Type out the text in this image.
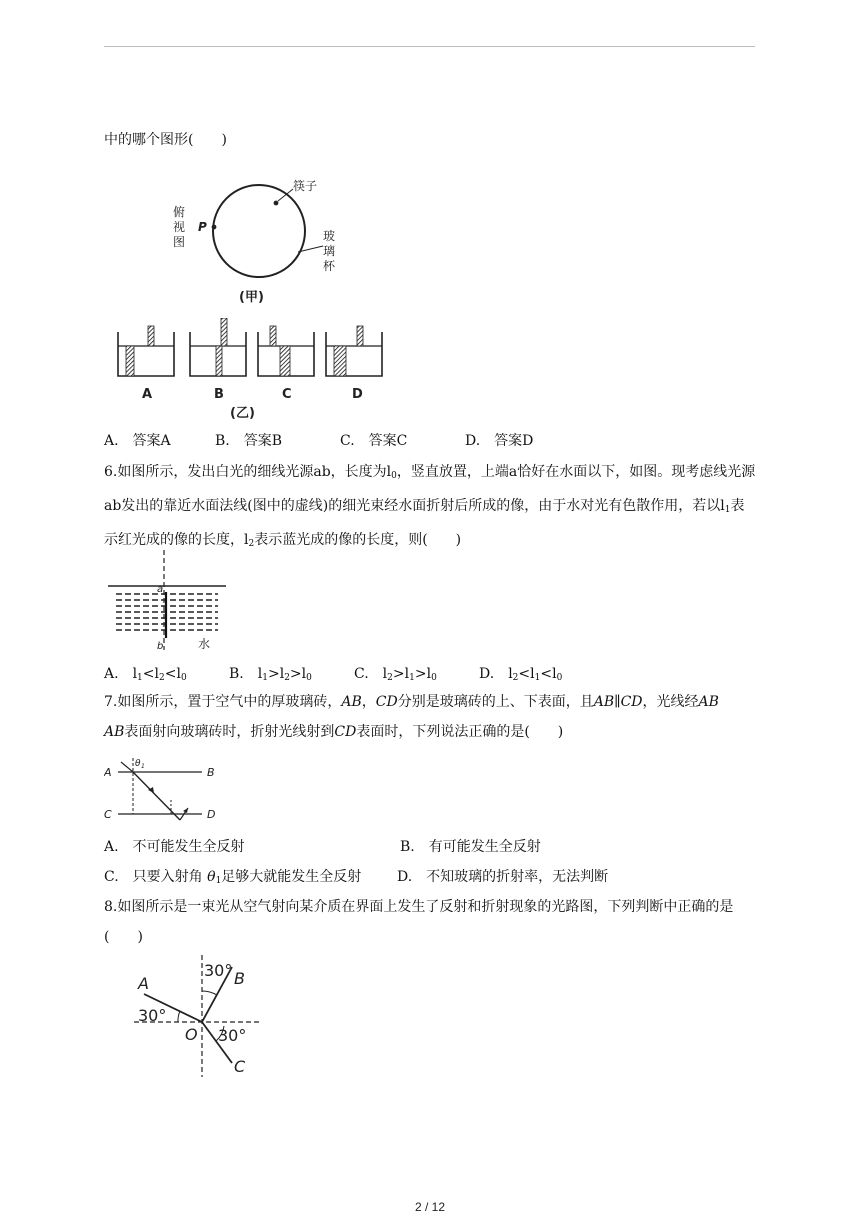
中的哪个图形(　　)
俯
视
图
P
筷子
玻
璃
杯
(甲)
A	B	C	D
(乙)
A.　答案A	B.　答案B	C.　答案C	D.　答案D
6.如图所示，发出白光的细线光源ab，长度为$l_0$，竖直放置，上端a恰好在水面以下，如图。现考虑线光源ab发出的靠近水面法线(图中的虚线)的细光束经水面折射后所成的像，由于水对光有色散作用，若以$l_1$表示红光成的像的长度，$l_2$表示蓝光成的像的长度，则(　　)
a
b	水
A.　$l_1<l_2<l_0$	B.　$l_1>l_2>l_0$	C.　$l_2>l_1>l_0$	D.　$l_2<l_1<l_0$
7.如图所示，置于空气中的厚玻璃砖，AB，CD分别是玻璃砖的上、下表面，且AB∥CD，光线经AB
AB表面射向玻璃砖时，折射光线射到CD表面时，下列说法正确的是(　　)
A	B
C	D
θ 1
A.　不可能发生全反射	B.　有可能发生全反射
C.　只要入射角 $\theta_1$足够大就能发生全反射	D.　不知玻璃的折射率，无法判断
8.如图所示是一束光从空气射向某介质在界面上发生了反射和折射现象的光路图，下列判断中正确的是(　　)
A	B
C
O
30°
30°
30°
2 / 12
